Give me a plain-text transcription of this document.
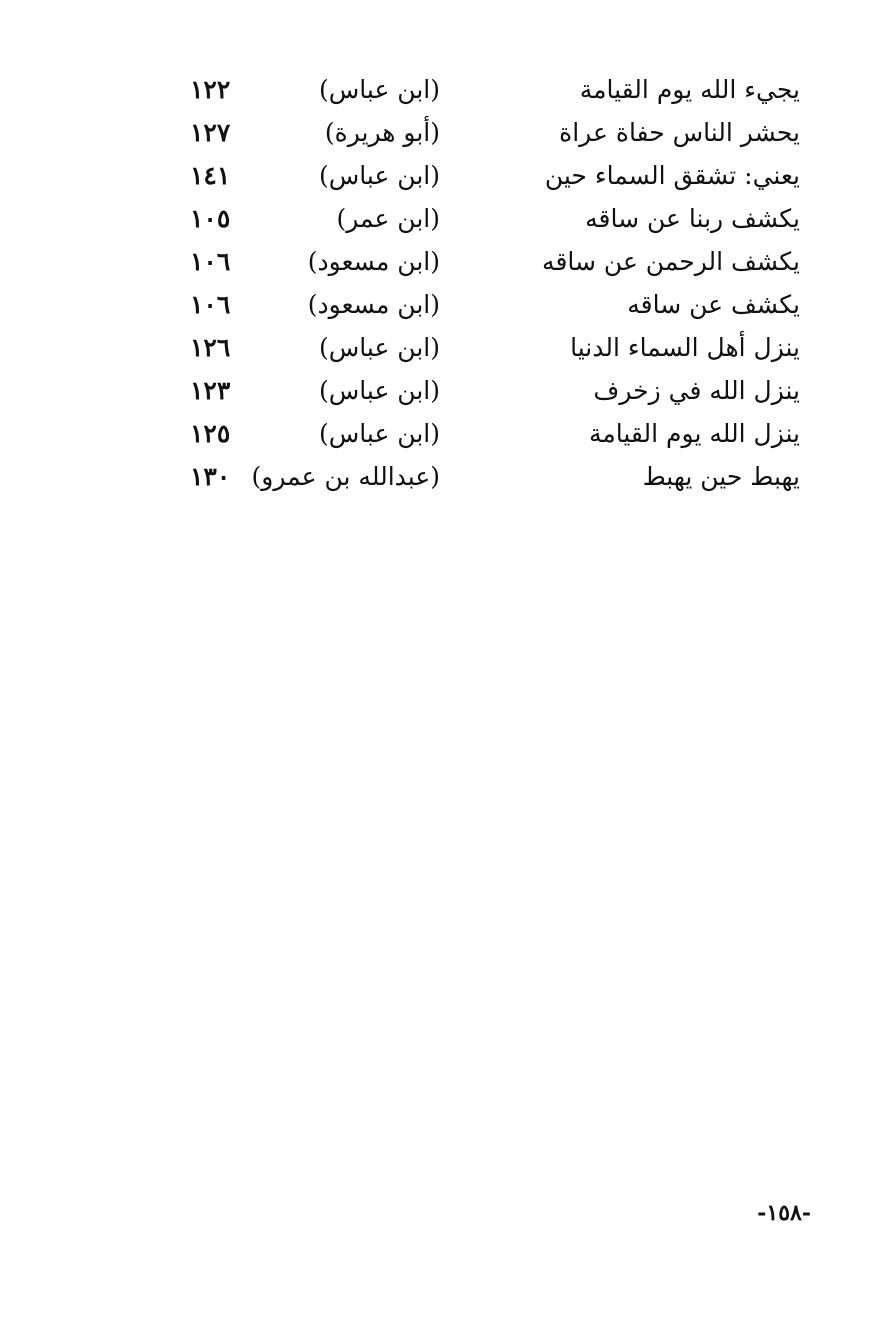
يجيء الله يوم القيامة
(ابن عباس)
١٢٢
يحشر الناس حفاة عراة
(أبو هريرة)
١٢٧
يعني: تشقق السماء حين
(ابن عباس)
١٤١
يكشف ربنا عن ساقه
(ابن عمر)
١٠٥
يكشف الرحمن عن ساقه
(ابن مسعود)
١٠٦
يكشف عن ساقه
(ابن مسعود)
١٠٦
ينزل أهل السماء الدنيا
(ابن عباس)
١٢٦
ينزل الله في زخرف
(ابن عباس)
١٢٣
ينزل الله يوم القيامة
(ابن عباس)
١٢٥
يهبط حين يهبط
(عبدالله بن عمرو)
١٣٠
-١٥٨-
